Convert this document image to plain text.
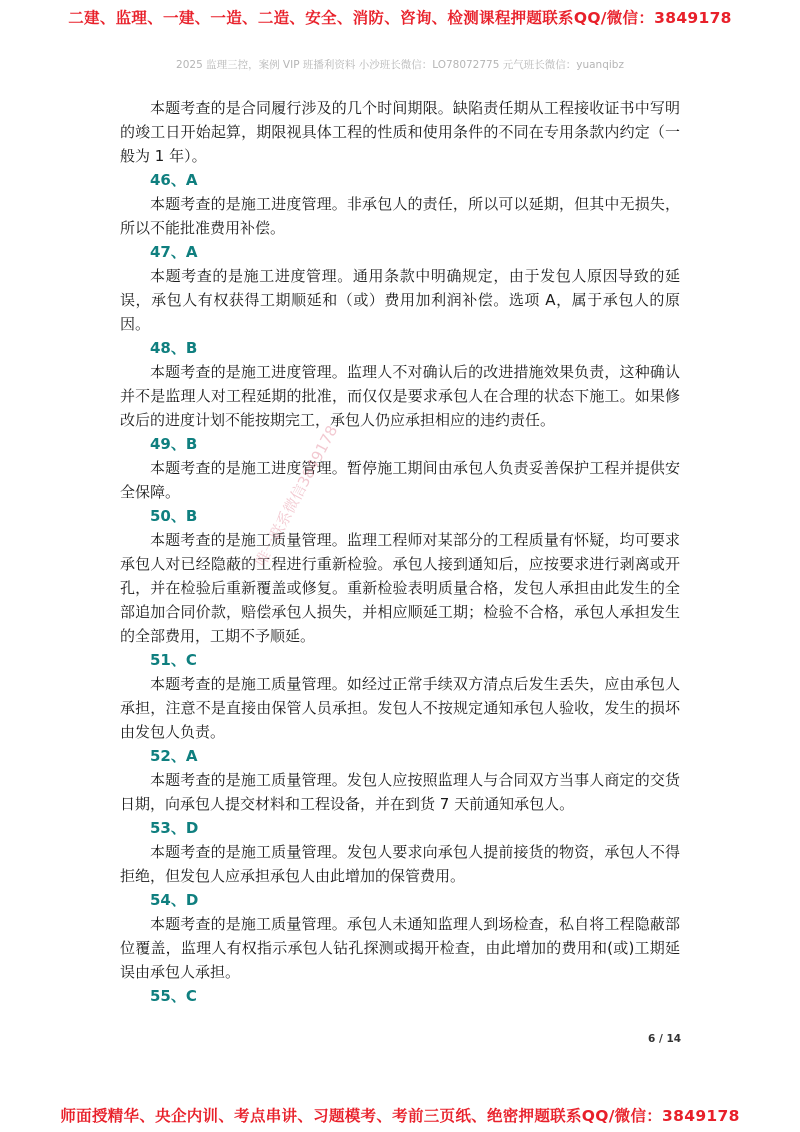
二建、监理、一建、一造、二造、安全、消防、咨询、检测课程押题联系QQ/微信：3849178
2025 监理三控，案例 VIP 班播利资料 小沙班长微信：LO78072775 元气班长微信：yuanqibz

本题考查的是合同履行涉及的几个时间期限。缺陷责任期从工程接收证书中写明的竣工日开始起算，期限视具体工程的性质和使用条件的不同在专用条款内约定（一般为 1 年）。

46、A

本题考查的是施工进度管理。非承包人的责任，所以可以延期，但其中无损失，所以不能批准费用补偿。

47、A

本题考查的是施工进度管理。通用条款中明确规定，由于发包人原因导致的延误，承包人有权获得工期顺延和（或）费用加利润补偿。选项 A，属于承包人的原因。

48、B

本题考查的是施工进度管理。监理人不对确认后的改进措施效果负责，这种确认并不是监理人对工程延期的批准，而仅仅是要求承包人在合理的状态下施工。如果修改后的进度计划不能按期完工，承包人仍应承担相应的违约责任。

49、B

本题考查的是施工进度管理。暂停施工期间由承包人负责妥善保护工程并提供安全保障。

50、B

本题考查的是施工质量管理。监理工程师对某部分的工程质量有怀疑，均可要求承包人对已经隐蔽的工程进行重新检验。承包人接到通知后，应按要求进行剥离或开孔，并在检验后重新覆盖或修复。重新检验表明质量合格，发包人承担由此发生的全部追加合同价款，赔偿承包人损失，并相应顺延工期；检验不合格，承包人承担发生的全部费用，工期不予顺延。

51、C

本题考查的是施工质量管理。如经过正常手续双方清点后发生丢失，应由承包人承担，注意不是直接由保管人员承担。发包人不按规定通知承包人验收，发生的损坏由发包人负责。

52、A

本题考查的是施工质量管理。发包人应按照监理人与合同双方当事人商定的交货日期，向承包人提交材料和工程设备，并在到货 7 天前通知承包人。

53、D

本题考查的是施工质量管理。发包人要求向承包人提前接货的物资，承包人不得拒绝，但发包人应承担承包人由此增加的保管费用。

54、D

本题考查的是施工质量管理。承包人未通知监理人到场检查，私自将工程隐蔽部位覆盖，监理人有权指示承包人钻孔探测或揭开检查，由此增加的费用和(或)工期延误由承包人承担。

55、C

唯一联系微信3849178
6 / 14
师面授精华、央企内训、考点串讲、习题模考、考前三页纸、绝密押题联系QQ/微信：3849178
